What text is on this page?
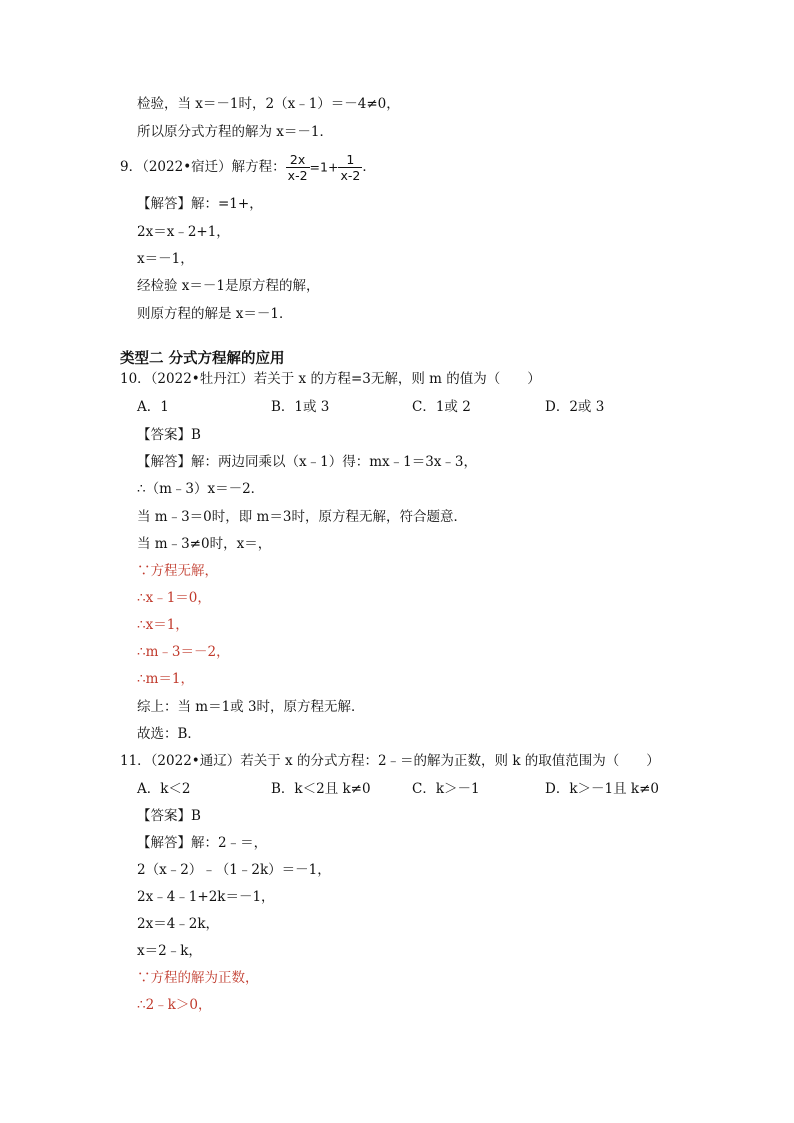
检验，当 x＝－1时，2（x﹣1）＝－4≠0，
所以原分式方程的解为 x＝－1．
9．（2022•宿迁）解方程： $\frac{2x}{x-2} =1+ \frac{1}{x-2}$ ．
【解答】解：=1+，
2x＝x﹣2+1，
x＝－1，
经检验 x＝－1是原方程的解，
则原方程的解是 x＝－1．
类型二 分式方程解的应用
10．（2022•牡丹江）若关于 x 的方程=3无解，则 m 的值为（　　）
A．1	B．1或 3	C．1或 2	D．2或 3
【答案】B
【解答】解：两边同乘以（x﹣1）得：mx﹣1＝3x﹣3，
∴（m﹣3）x＝－2．
当 m﹣3＝0时，即 m＝3时，原方程无解，符合题意．
当 m﹣3≠0时，x＝，
∵方程无解，
∴x﹣1＝0，
∴x＝1，
∴m﹣3＝－2，
∴m＝1，
综上：当 m＝1或 3时，原方程无解．
故选：B．
11．（2022•通辽）若关于 x 的分式方程：2﹣＝的解为正数，则 k 的取值范围为（　　）
A．k＜2	B．k＜2且 k≠0	C．k＞－1	D．k＞－1且 k≠0
【答案】B
【解答】解：2﹣＝，
2（x﹣2）﹣（1﹣2k）＝－1，
2x﹣4﹣1+2k＝－1，
2x＝4﹣2k，
x＝2﹣k，
∵方程的解为正数，
∴2﹣k＞0，
